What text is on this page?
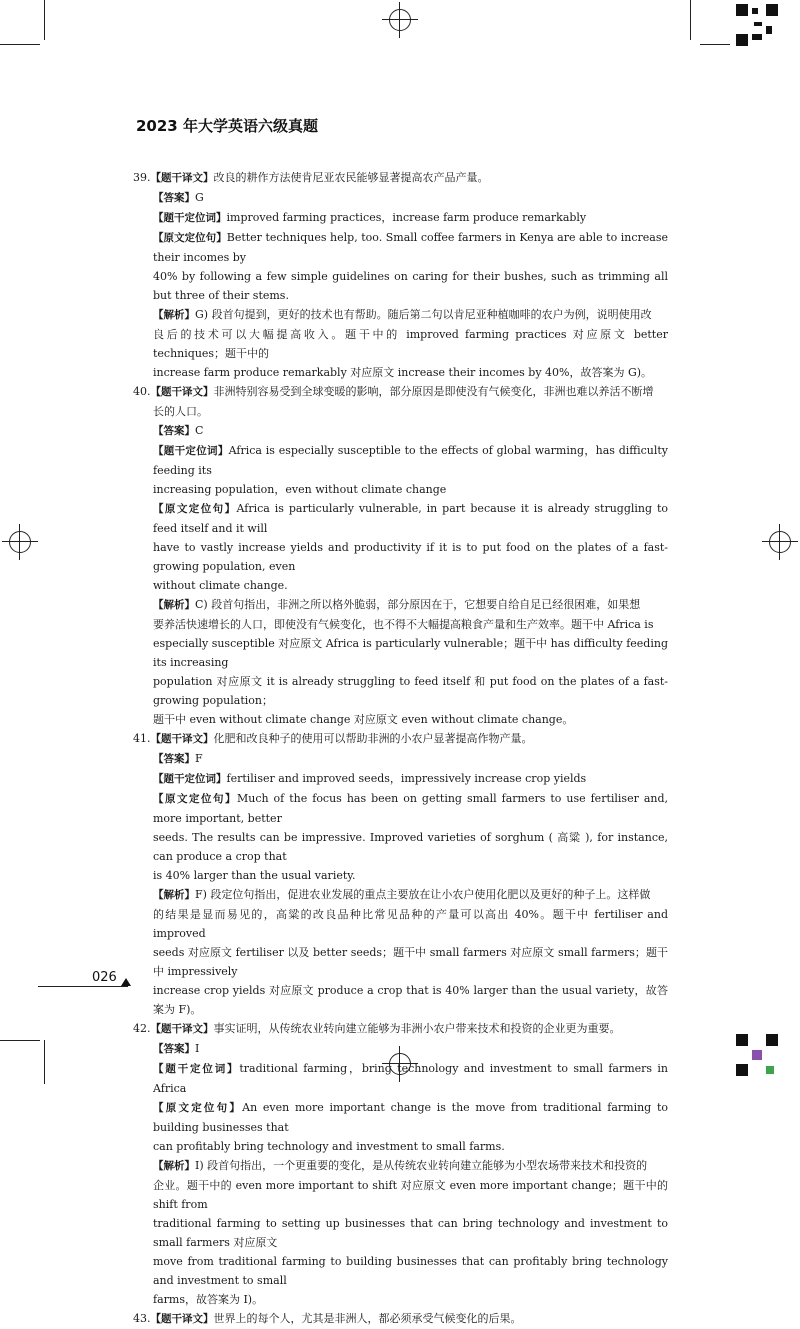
2023 年大学英语六级真题

39.【题干译文】改良的耕作方法使肯尼亚农民能够显著提高农产品产量。

【答案】G

【题干定位词】improved farming practices，increase farm produce remarkably

【原文定位句】Better techniques help, too. Small coffee farmers in Kenya are able to increase their incomes by

40% by following a few simple guidelines on caring for their bushes, such as trimming all but three of their stems.

【解析】G) 段首句提到，更好的技术也有帮助。随后第二句以肯尼亚种植咖啡的农户为例，说明使用改

良后的技术可以大幅提高收入。题干中的 improved farming practices 对应原文 better techniques；题干中的

increase farm produce remarkably 对应原文 increase their incomes by 40%，故答案为 G)。

40.【题干译文】非洲特别容易受到全球变暖的影响，部分原因是即使没有气候变化，非洲也难以养活不断增

长的人口。

【答案】C

【题干定位词】Africa is especially susceptible to the effects of global warming，has difficulty feeding its

increasing population，even without climate change

【原文定位句】Africa is particularly vulnerable, in part because it is already struggling to feed itself and it will

have to vastly increase yields and productivity if it is to put food on the plates of a fast-growing population, even

without climate change.

【解析】C) 段首句指出，非洲之所以格外脆弱，部分原因在于，它想要自给自足已经很困难，如果想

要养活快速增长的人口，即使没有气候变化，也不得不大幅提高粮食产量和生产效率。题干中 Africa is

especially susceptible 对应原文 Africa is particularly vulnerable；题干中 has difficulty feeding its increasing

population 对应原文 it is already struggling to feed itself 和 put food on the plates of a fast-growing population；

题干中 even without climate change 对应原文 even without climate change。

41.【题干译文】化肥和改良种子的使用可以帮助非洲的小农户显著提高作物产量。

【答案】F

【题干定位词】fertiliser and improved seeds，impressively increase crop yields

【原文定位句】Much of the focus has been on getting small farmers to use fertiliser and, more important, better

seeds. The results can be impressive. Improved varieties of sorghum ( 高粱 ), for instance, can produce a crop that

is 40% larger than the usual variety.

【解析】F) 段定位句指出，促进农业发展的重点主要放在让小农户使用化肥以及更好的种子上。这样做

的结果是显而易见的，高粱的改良品种比常见品种的产量可以高出 40%。题干中 fertiliser and improved

seeds 对应原文 fertiliser 以及 better seeds；题干中 small farmers 对应原文 small farmers；题干中 impressively

increase crop yields 对应原文 produce a crop that is 40% larger than the usual variety，故答案为 F)。

42.【题干译文】事实证明，从传统农业转向建立能够为非洲小农户带来技术和投资的企业更为重要。

【答案】I

【题干定位词】traditional farming，bring technology and investment to small farmers in Africa

【原文定位句】An even more important change is the move from traditional farming to building businesses that

can profitably bring technology and investment to small farms.

【解析】I) 段首句指出，一个更重要的变化，是从传统农业转向建立能够为小型农场带来技术和投资的

企业。题干中的 even more important to shift 对应原文 even more important change；题干中的 shift from

traditional farming to setting up businesses that can bring technology and investment to small farmers 对应原文

move from traditional farming to building businesses that can profitably bring technology and investment to small

farms，故答案为 I)。

43.【题干译文】世界上的每个人，尤其是非洲人，都必须承受气候变化的后果。

026
